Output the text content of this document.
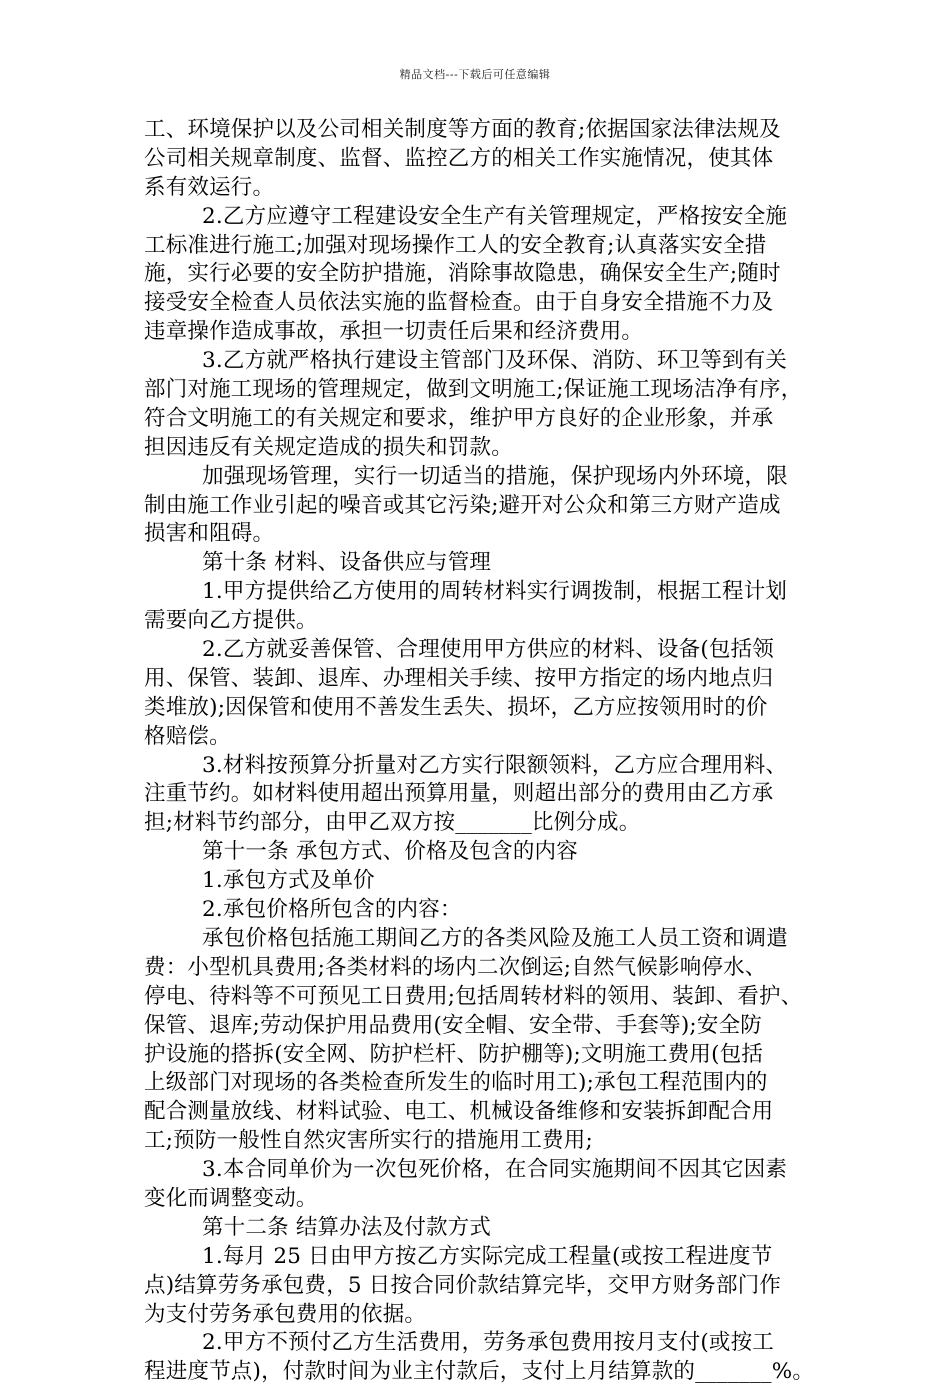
精品文档---下载后可任意编辑
工、环境保护以及公司相关制度等方面的教育;依据国家法律法规及
公司相关规章制度、监督、监控乙方的相关工作实施情况，使其体
系有效运行。
2.乙方应遵守工程建设安全生产有关管理规定，严格按安全施
工标准进行施工;加强对现场操作工人的安全教育;认真落实安全措
施，实行必要的安全防护措施，消除事故隐患，确保安全生产;随时
接受安全检查人员依法实施的监督检查。由于自身安全措施不力及
违章操作造成事故，承担一切责任后果和经济费用。
3.乙方就严格执行建设主管部门及环保、消防、环卫等到有关
部门对施工现场的管理规定，做到文明施工;保证施工现场洁净有序，
符合文明施工的有关规定和要求，维护甲方良好的企业形象，并承
担因违反有关规定造成的损失和罚款。
加强现场管理，实行一切适当的措施，保护现场内外环境，限
制由施工作业引起的噪音或其它污染;避开对公众和第三方财产造成
损害和阻碍。
第十条 材料、设备供应与管理
1.甲方提供给乙方使用的周转材料实行调拨制，根据工程计划
需要向乙方提供。
2.乙方就妥善保管、合理使用甲方供应的材料、设备(包括领
用、保管、装卸、退库、办理相关手续、按甲方指定的场内地点归
类堆放);因保管和使用不善发生丢失、损坏，乙方应按领用时的价
格赔偿。
3.材料按预算分折量对乙方实行限额领料，乙方应合理用料、
注重节约。如材料使用超出预算用量，则超出部分的费用由乙方承
担;材料节约部分，由甲乙双方按_______比例分成。
第十一条 承包方式、价格及包含的内容
1.承包方式及单价
2.承包价格所包含的内容：
承包价格包括施工期间乙方的各类风险及施工人员工资和调遣
费：小型机具费用;各类材料的场内二次倒运;自然气候影响停水、
停电、待料等不可预见工日费用;包括周转材料的领用、装卸、看护、
保管、退库;劳动保护用品费用(安全帽、安全带、手套等);安全防
护设施的搭拆(安全网、防护栏杆、防护棚等);文明施工费用(包括
上级部门对现场的各类检查所发生的临时用工);承包工程范围内的
配合测量放线、材料试验、电工、机械设备维修和安装拆卸配合用
工;预防一般性自然灾害所实行的措施用工费用;
3.本合同单价为一次包死价格，在合同实施期间不因其它因素
变化而调整变动。
第十二条 结算办法及付款方式
1.每月 25 日由甲方按乙方实际完成工程量(或按工程进度节
点)结算劳务承包费，5 日按合同价款结算完毕，交甲方财务部门作
为支付劳务承包费用的依据。
2.甲方不预付乙方生活费用，劳务承包费用按月支付(或按工
程进度节点)，付款时间为业主付款后，支付上月结算款的_______%。
